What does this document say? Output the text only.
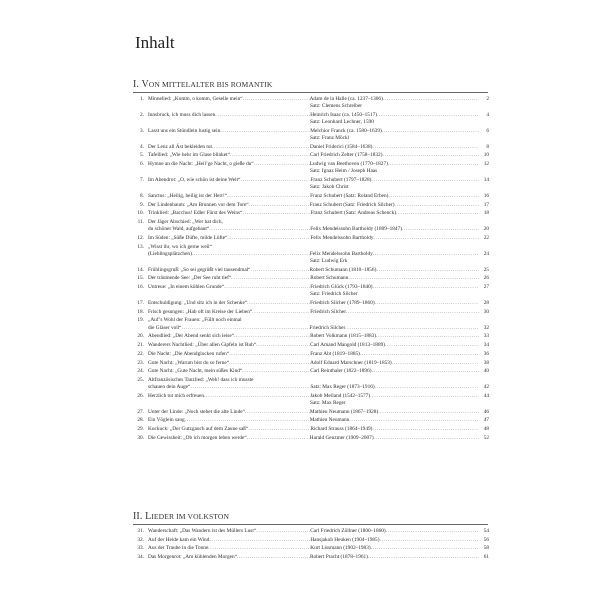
Inhalt
I. VON MITTELALTER BIS ROMANTIK
1. Minnelied: „Komm, o komm, Geselle mein“ .....	Adam de la Halle (ca. 1237–1306) .....	2
Satz: Clemens Schreiber
2. Innsbruck, ich muss dich lassen .....	Heinrich Isaac (ca. 1450–1517) .....	4
Satz: Leonhard Lechner, 1590
3. Lasst uns ein Stündlein lustig sein .....	Melchior Franck (ca. 1580–1639) .....	6
Satz: Franz Möckl
4. Der Lenz all Äst bekleiden tut .....	Daniel Friderici (1584–1638) .....	8
5. Tafellied: „Wie hehr im Glase blinket“ .....	Carl Friedrich Zelter (1758–1832) .....	10
6. Hymne an die Nacht: „Heil’ge Nacht, o gieße du“ .....	Ludwig van Beethoven (1770–1827) .....	12
Satz: Ignaz Heim / Joseph Haas
7. Im Abendrot: „O, wie schön ist deine Welt“ .....	Franz Schubert (1797–1828) .....	14
Satz: Jakob Christ
8. Sanctus: „Heilig, heilig ist der Herr!“ .....	Franz Schubert (Satz: Roland Erben) .....	16
9. Der Lindenbaum: „Am Brunnen vor dem Tore“ .....	Franz Schubert (Satz: Friedrich Silcher) .....	17
10. Trinklied: „Bacchus! Edler Fürst des Weins“ .....	Franz Schubert (Satz: Andreas Schenck) .....	18
11. Der Jäger Abschied: „Wer hat dich,
du schöner Wald, aufgebaut“ .....	Felix Mendelssohn Bartholdy (1809–1847) .....	20
12. Im Süden: „Süße Düfte, milde Lüfte“ .....	Felix Mendelssohn Bartholdy .....	22
13. „Wisst ihr, wo ich gerne weil“
(Lieblingsplätzchen) .....	Felix Mendelssohn Bartholdy .....	24
Satz: Ludwig Erk
14. Frühlingsgruß: „So sei gegrüßt viel tausendmal“ .....	Robert Schumann (1810–1856) .....	25
15. Der träumende See: „Der See ruht tief“ .....	Robert Schumann .....	26
16. Untreue: „In einem kühlen Grunde“ .....	Friedrich Glück (1793–1840) .....	27
Satz: Friedrich Silcher
17. Entschuldigung: „Und sitz ich in der Schenke“ .....	Friedrich Silcher (1789–1860) .....	28
18. Frisch gesungen: „Hab oft im Kreise der Lieben“ .....	Friedrich Silcher .....	30
19. „Auf’s Wohl der Frauen: „Füllt noch einmal
die Gläser voll“ .....	Friedrich Silcher .....	32
20. Abendlied: „Der Abend senkt sich leise“ .....	Robert Volkmann (1815–1883) .....	33
21. Wanderers Nachtlied: „Über allen Gipfeln ist Ruh“ .....	Carl Amand Mangold (1813–1889) .....	34
22. Die Nacht: „Die Abendglocken rufen“ .....	Franz Abt (1819–1885) .....	36
23. Gute Nacht: „Warum bist du so ferne“ .....	Adolf Eduard Marschner (1819–1853) .....	38
24. Gute Nacht: „Gute Nacht, mein süßes Kind“ .....	Carl Reinthaler (1822–1896) .....	40
25. Altfranzösisches Tanzlied: „Weh! dass ich musste
schauen dein Auge“ .....	Satz: Max Reger (1873–1916) .....	42
26. Herzlich tut mich erfreuen .....	Jakob Meiland (1542–1577) .....	44
Satz: Max Reger
27. Unter der Linde: „Noch stehet die alte Linde“ .....	Mathieu Neumann (1867–1928) .....	46
28. Ein Vöglein sang .....	Mathieu Neumann .....	47
29. Kuckuck: „Der Gutzgauch auf dem Zaune saß“ .....	Richard Strauss (1864–1949) .....	48
30. Die Gewissheit: „Ob ich morgen leben werde“ .....	Harald Genzmer (1909–2007) .....	52
II. LIEDER IM VOLKSTON
31. Wanderschaft: „Das Wandern ist des Müllers Lust“ .....	Carl Friedrich Zöllner (1800–1860) .....	54
32. Auf der Heide kam ein Wind .....	Hansjakob Heuken (1904–1985) .....	56
33. Aus der Traube in die Tonne .....	Kurt Lissmann (1902–1983) .....	58
34. Das Morgenrot: „Am kühlenden Morgen“ .....	Robert Pracht (1878–1961) .....	61
